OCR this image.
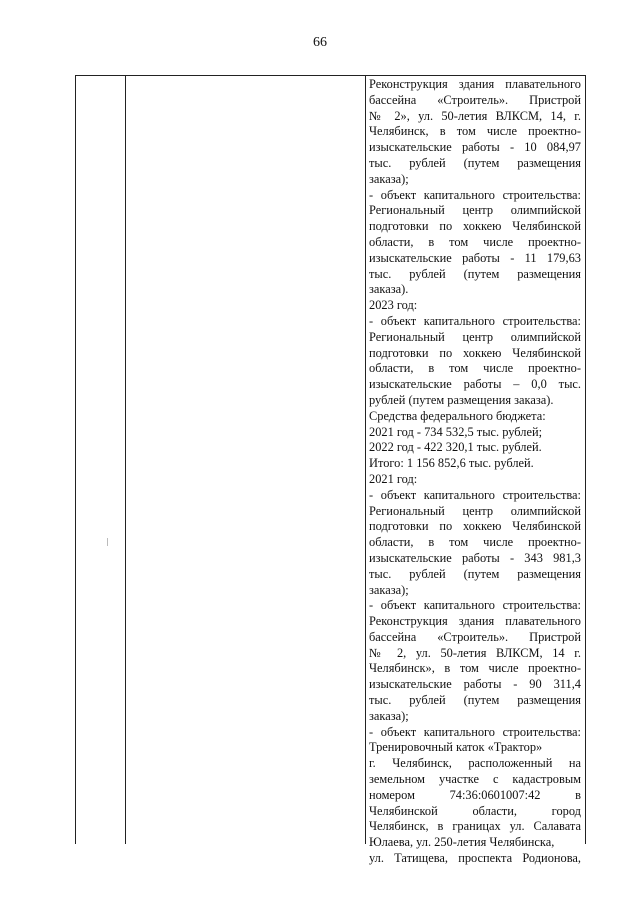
66
Реконструкция здания плавательного
бассейна «Строитель». Пристрой
№ 2», ул. 50-летия ВЛКСМ, 14, г.
Челябинск, в том числе проектно-
изыскательские работы - 10 084,97
тыс. рублей (путем размещения
заказа);
- объект капитального строительства:
Региональный центр олимпийской
подготовки по хоккею Челябинской
области, в том числе проектно-
изыскательские работы - 11 179,63
тыс. рублей (путем размещения
заказа).
2023 год:
- объект капитального строительства:
Региональный центр олимпийской
подготовки по хоккею Челябинской
области, в том числе проектно-
изыскательские работы – 0,0 тыс.
рублей (путем размещения заказа).
Средства федерального бюджета:
2021 год - 734 532,5 тыс. рублей;
2022 год - 422 320,1 тыс. рублей.
Итого: 1 156 852,6 тыс. рублей.
2021 год:
- объект капитального строительства:
Региональный центр олимпийской
подготовки по хоккею Челябинской
области, в том числе проектно-
изыскательские работы - 343 981,3
тыс. рублей (путем размещения
заказа);
- объект капитального строительства:
Реконструкция здания плавательного
бассейна «Строитель». Пристрой
№ 2, ул. 50-летия ВЛКСМ, 14 г.
Челябинск», в том числе проектно-
изыскательские работы - 90 311,4
тыс. рублей (путем размещения
заказа);
- объект капитального строительства:
Тренировочный каток «Трактор»
г. Челябинск, расположенный на
земельном участке с кадастровым
номером 74:36:0601007:42 в
Челябинской области, город
Челябинск, в границах ул. Салавата
Юлаева, ул. 250-летия Челябинска,
ул. Татищева, проспекта Родионова,
